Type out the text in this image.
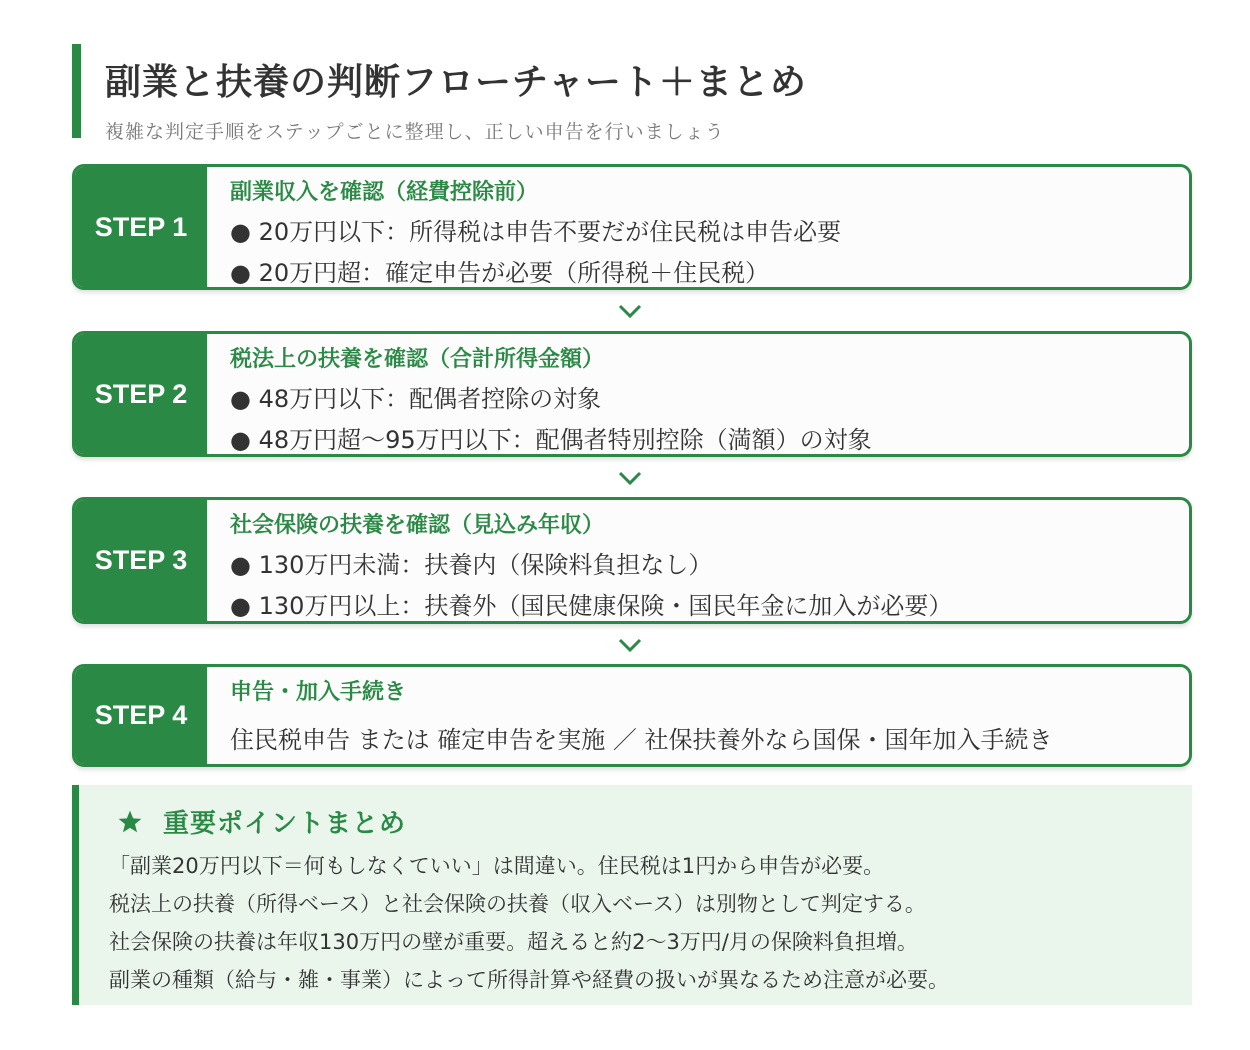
副業と扶養の判断フローチャート＋まとめ
複雑な判定手順をステップごとに整理し、正しい申告を行いましょう
STEP 1
副業収入を確認（経費控除前）
● 20万円以下：所得税は申告不要だが住民税は申告必要
● 20万円超：確定申告が必要（所得税＋住民税）
STEP 2
税法上の扶養を確認（合計所得金額）
● 48万円以下：配偶者控除の対象
● 48万円超〜95万円以下：配偶者特別控除（満額）の対象
STEP 3
社会保険の扶養を確認（見込み年収）
● 130万円未満：扶養内（保険料負担なし）
● 130万円以上：扶養外（国民健康保険・国民年金に加入が必要）
STEP 4
申告・加入手続き
住民税申告 または 確定申告を実施 ／ 社保扶養外なら国保・国年加入手続き
重要ポイントまとめ
「副業20万円以下＝何もしなくていい」は間違い。住民税は1円から申告が必要。
税法上の扶養（所得ベース）と社会保険の扶養（収入ベース）は別物として判定する。
社会保険の扶養は年収130万円の壁が重要。超えると約2〜3万円/月の保険料負担増。
副業の種類（給与・雑・事業）によって所得計算や経費の扱いが異なるため注意が必要。
